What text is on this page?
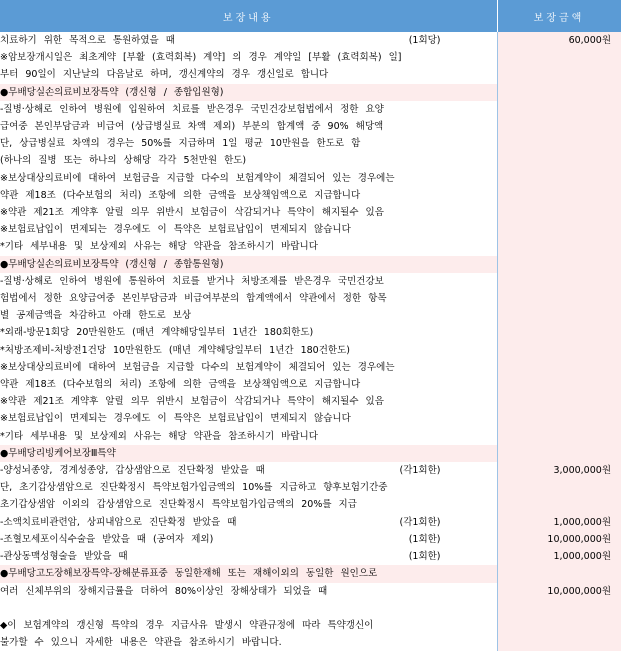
보장내용	보장금액

(1회당)
치료하기 위한 목적으로 통원하였을 때	60,000원

※암보장개시일은 최초계약 [부활 (효력회복) 계약] 의 경우 계약일 [부활 (효력회복) 일]	

부터 90일이 지난날의 다음날로 하며, 갱신계약의 경우 갱신일로 합니다	

●무배당실손의료비보장특약 (갱신형 / 종합입원형)	

-질병·상해로 인하여 병원에 입원하여 치료를 받은경우 국민건강보험법에서 정한 요양	

급여중 본인부담금과 비급여 (상급병실료 차액 제외) 부분의 합계액 중 90% 해당액	

단, 상급병실료 차액의 경우는 50%를 지급하며 1일 평균 10만원을 한도로 함	

(하나의 질병 또는 하나의 상해당 각각 5천만원 한도)	

※보상대상의료비에 대하여 보험금을 지급할 다수의 보험계약이 체결되어 있는 경우에는	

약관 제18조 (다수보험의 처리) 조항에 의한 금액을 보상책임액으로 지급합니다	

※약관 제21조 계약후 알릴 의무 위반시 보험금이 삭감되거나 특약이 해지될수 있음	

※보험료납입이 면제되는 경우에도 이 특약은 보험료납입이 면제되지 않습니다	

*기타 세부내용 및 보상제외 사유는 해당 약관을 참조하시기 바랍니다	

●무배당실손의료비보장특약 (갱신형 / 종합통원형)	

-질병·상해로 인하여 병원에 통원하여 치료를 받거나 처방조제를 받은경우 국민건강보	

험법에서 정한 요양급여중 본인부담금과 비급여부분의 합계액에서 약관에서 정한 항목	

별 공제금액을 차감하고 아래 한도로 보상	

*외래-방문1회당 20만원한도 (매년 계약해당일부터 1년간 180회한도)	

*처방조제비-처방전1건당 10만원한도 (매년 계약해당일부터 1년간 180건한도)	

※보상대상의료비에 대하여 보험금을 지급할 다수의 보험계약이 체결되어 있는 경우에는	

약관 제18조 (다수보험의 처리) 조항에 의한 금액을 보상책임액으로 지급합니다	

※약관 제21조 계약후 알릴 의무 위반시 보험금이 삭감되거나 특약이 해지될수 있음	

※보험료납입이 면제되는 경우에도 이 특약은 보험료납입이 면제되지 않습니다	

*기타 세부내용 및 보상제외 사유는 해당 약관을 참조하시기 바랍니다	

●무배당리빙케어보장Ⅲ특약	

(각1회한)
-양성뇌종양, 경계성종양, 갑상샘암으로 진단확정 받았을 때	3,000,000원

단, 초기갑상샘암으로 진단확정시 특약보험가입금액의 10%를 지급하고 향후보험기간중	

초기갑상샘암 이외의 갑상샘암으로 진단확정시 특약보험가입금액의 20%를 지급	

(각1회한)
-소액치료비관련암, 상피내암으로 진단확정 받았을 때	1,000,000원

(1회한)
-조혈모세포이식수술을 받았을 때 (공여자 제외)	10,000,000원

(1회한)
-관상동맥성형술을 받았을 때	1,000,000원

●무배당고도장해보장특약-장해분류표중 동일한재해 또는 재해이외의 동일한 원인으로	

여러 신체부위의 장해지급률을 더하여 80%이상인 장해상태가 되었을 때	10,000,000원

◆이 보험계약의 갱신형 특약의 경우 지급사유 발생시 약관규정에 따라 특약갱신이	

불가할 수 있으니 자세한 내용은 약관을 참조하시기 바랍니다.	
